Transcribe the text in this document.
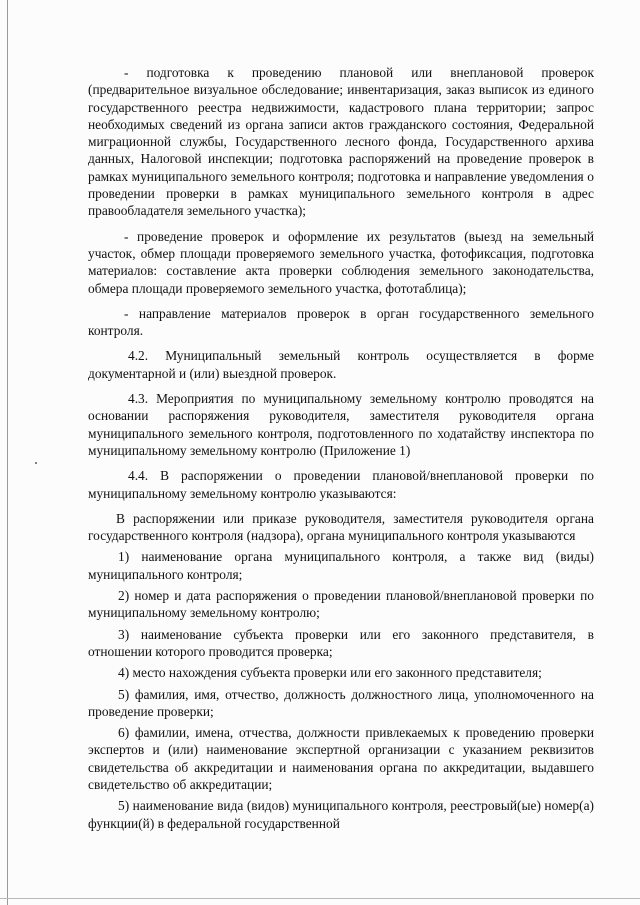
- подготовка к проведению плановой или внеплановой проверок (предварительное визуальное обследование; инвентаризация, заказ выписок из единого государственного реестра недвижимости, кадастрового плана территории; запрос необходимых сведений из органа записи актов гражданского состояния, Федеральной миграционной службы, Государственного лесного фонда, Государственного архива данных, Налоговой инспекции; подготовка распоряжений на проведение проверок в рамках муниципального земельного контроля; подготовка и направление уведомления о проведении проверки в рамках муниципального земельного контроля в адрес правообладателя земельного участка);

- проведение проверок и оформление их результатов (выезд на земельный участок, обмер площади проверяемого земельного участка, фотофиксация, подготовка материалов: составление акта проверки соблюдения земельного законодательства, обмера площади проверяемого земельного участка, фототаблица);

- направление материалов проверок в орган государственного земельного контроля.

4.2. Муниципальный земельный контроль осуществляется в форме документарной и (или) выездной проверок.

4.3. Мероприятия по муниципальному земельному контролю проводятся на основании распоряжения руководителя, заместителя руководителя органа муниципального земельного контроля, подготовленного по ходатайству инспектора по муниципальному земельному контролю (Приложение 1)

4.4. В распоряжении о проведении плановой/внеплановой проверки по муниципальному земельному контролю указываются:

В распоряжении или приказе руководителя, заместителя руководителя органа государственного контроля (надзора), органа муниципального контроля указываются

1) наименование органа муниципального контроля, а также вид (виды) муниципального контроля;

2) номер и дата распоряжения о проведении плановой/внеплановой проверки по муниципальному земельному контролю;

3) наименование субъекта проверки или его законного представителя, в отношении которого проводится проверка;

4) место нахождения субъекта проверки или его законного представителя;

5) фамилия, имя, отчество, должность должностного лица, уполномоченного на проведение проверки;

6) фамилии, имена, отчества, должности привлекаемых к проведению проверки экспертов и (или) наименование экспертной организации с указанием реквизитов свидетельства об аккредитации и наименования органа по аккредитации, выдавшего свидетельство об аккредитации;

5) наименование вида (видов) муниципального контроля, реестровый(ые) номер(а) функции(й) в федеральной государственной
